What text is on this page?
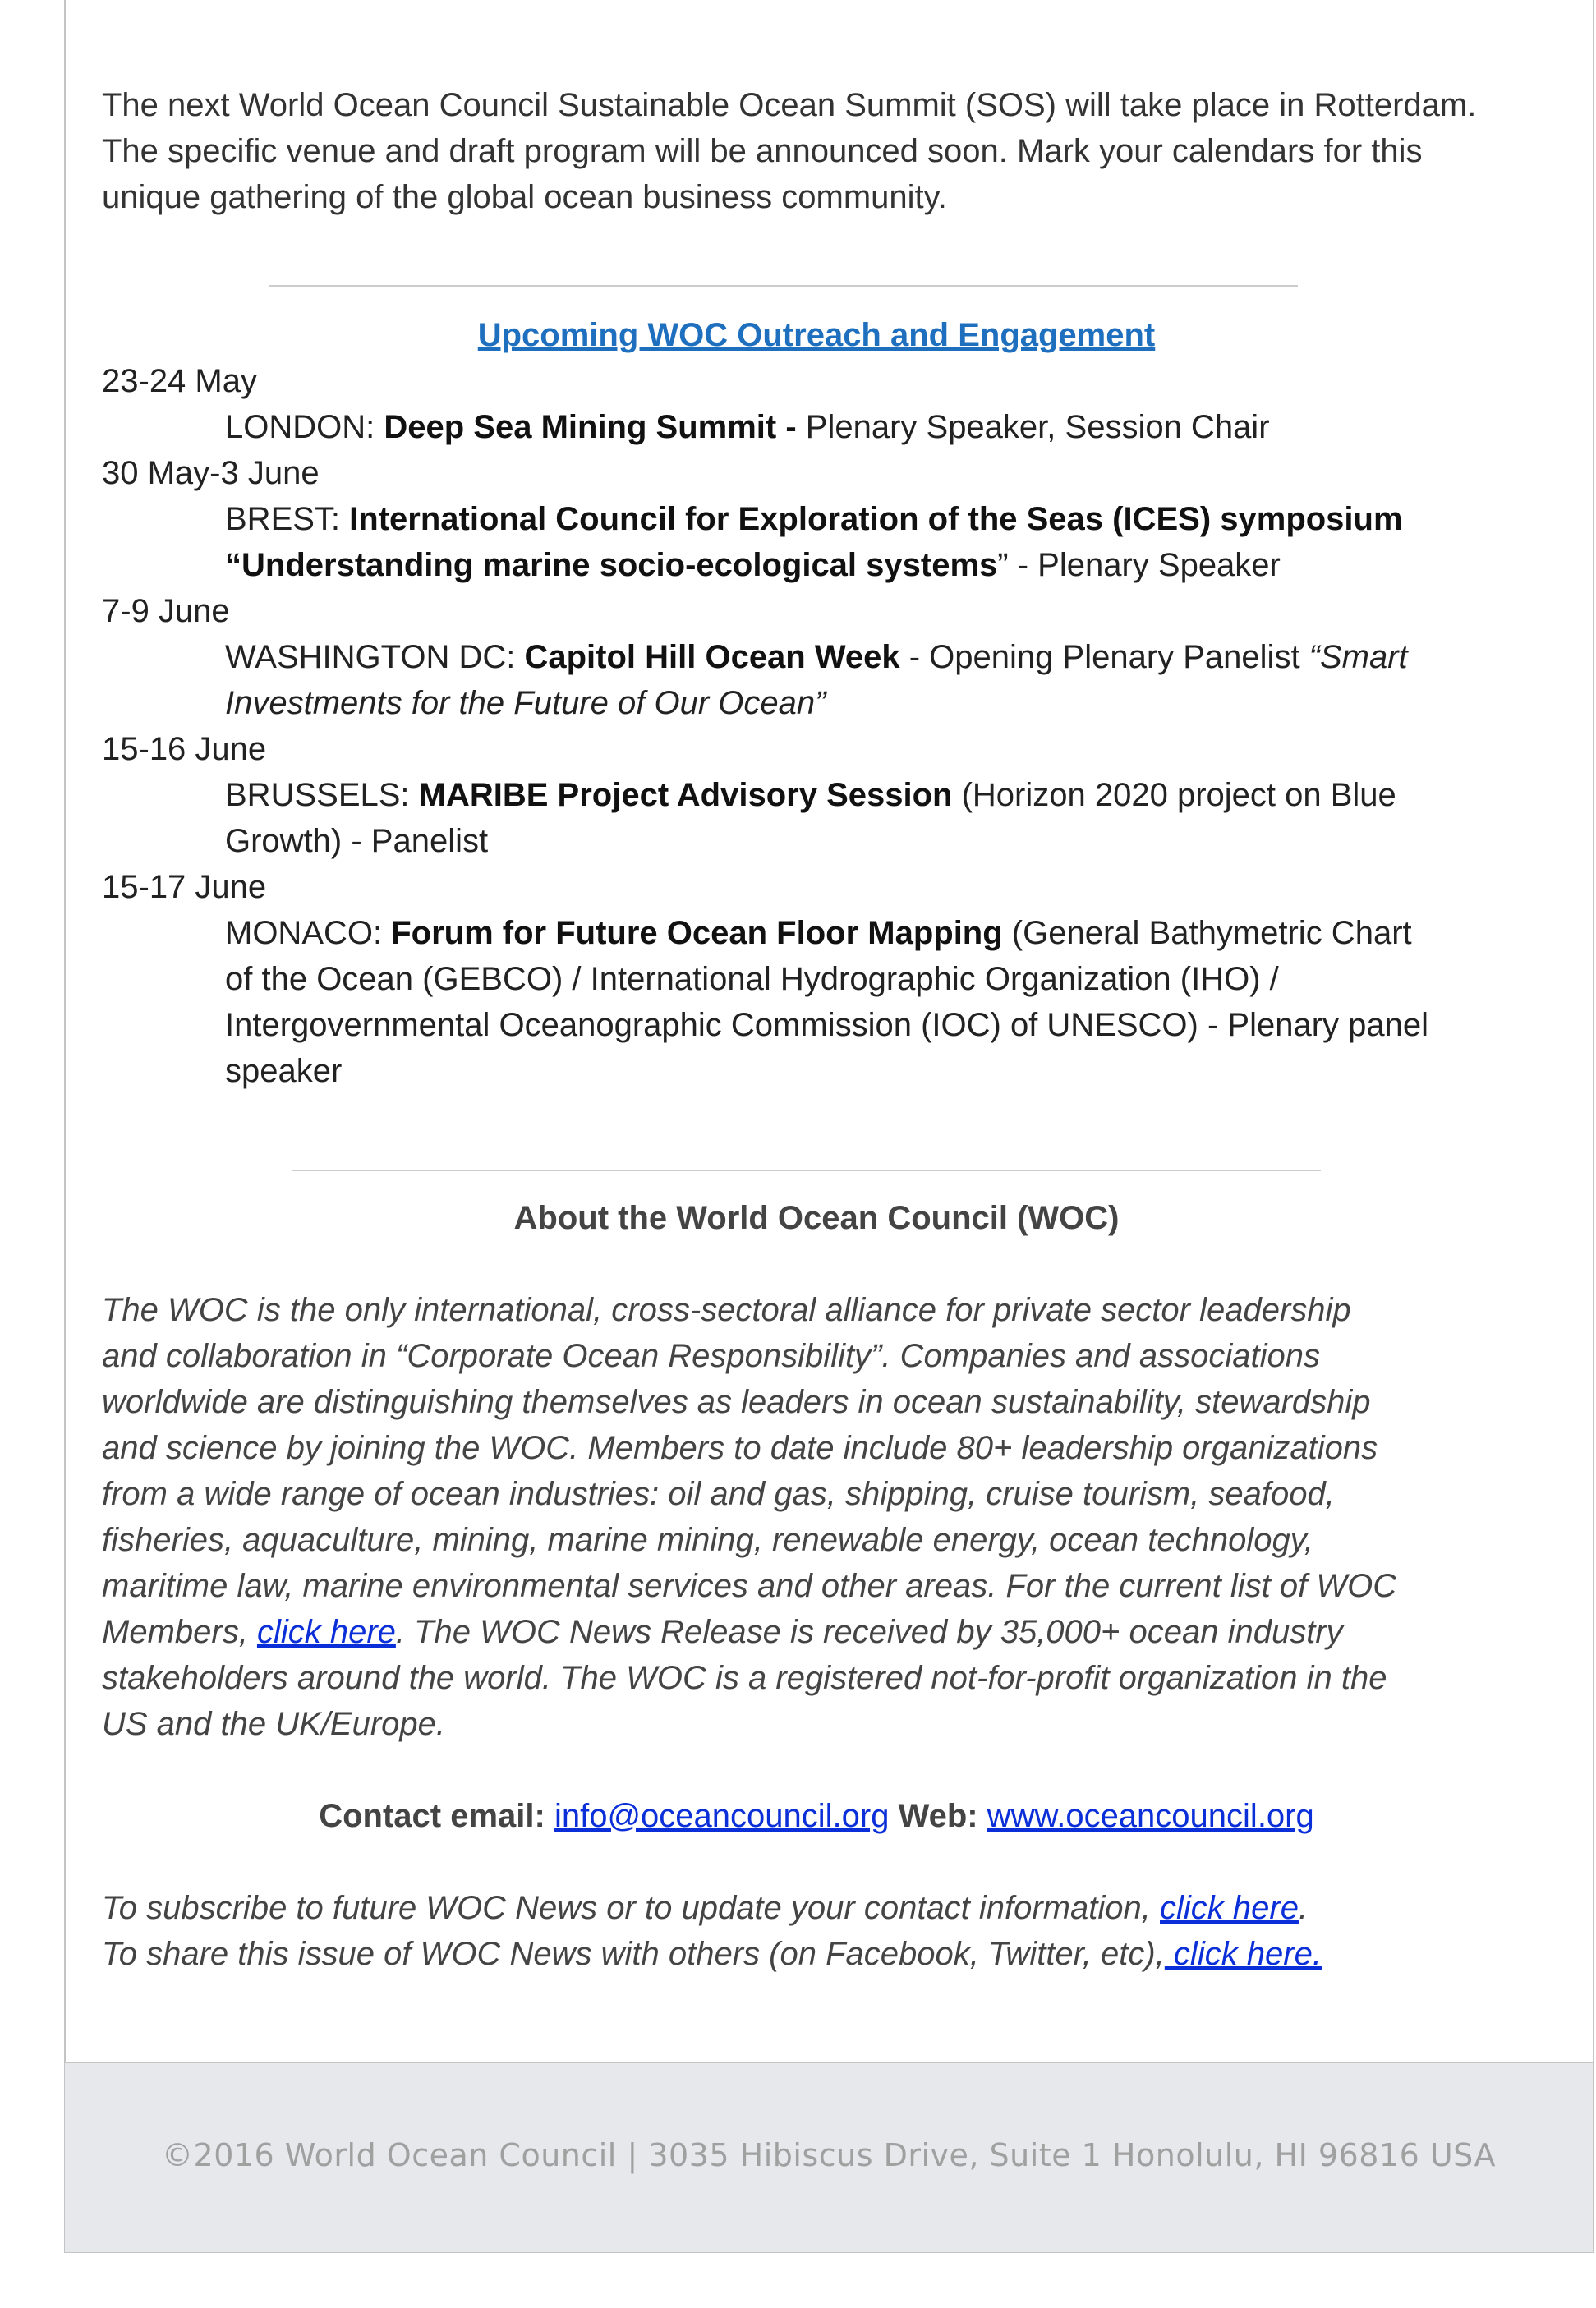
The next World Ocean Council Sustainable Ocean Summit (SOS) will take place in Rotterdam.
The specific venue and draft program will be announced soon. Mark your calendars for this
unique gathering of the global ocean business community.

Upcoming WOC Outreach and Engagement
23-24 May
LONDON: Deep Sea Mining Summit - Plenary Speaker, Session Chair
30 May-3 June
BREST: International Council for Exploration of the Seas (ICES) symposium
“Understanding marine socio-ecological systems” - Plenary Speaker
7-9 June
WASHINGTON DC: Capitol Hill Ocean Week - Opening Plenary Panelist “Smart
Investments for the Future of Our Ocean”
15-16 June
BRUSSELS: MARIBE Project Advisory Session (Horizon 2020 project on Blue
Growth) - Panelist
15-17 June
MONACO: Forum for Future Ocean Floor Mapping (General Bathymetric Chart
of the Ocean (GEBCO) / International Hydrographic Organization (IHO) /
Intergovernmental Oceanographic Commission (IOC) of UNESCO) - Plenary panel
speaker
About the World Ocean Council (WOC)
The WOC is the only international, cross-sectoral alliance for private sector leadership
and collaboration in “Corporate Ocean Responsibility”. Companies and associations
worldwide are distinguishing themselves as leaders in ocean sustainability, stewardship
and science by joining the WOC. Members to date include 80+ leadership organizations
from a wide range of ocean industries: oil and gas, shipping, cruise tourism, seafood,
fisheries, aquaculture, mining, marine mining, renewable energy, ocean technology,
maritime law, marine environmental services and other areas. For the current list of WOC
Members, click here. The WOC News Release is received by 35,000+ ocean industry
stakeholders around the world. The WOC is a registered not-for-profit organization in the
US and the UK/Europe.
Contact email: info@oceancouncil.org Web: www.oceancouncil.org
To subscribe to future WOC News or to update your contact information, click here.
To share this issue of WOC News with others (on Facebook, Twitter, etc), click here.
©2016 World Ocean Council | 3035 Hibiscus Drive, Suite 1 Honolulu, HI 96816 USA
